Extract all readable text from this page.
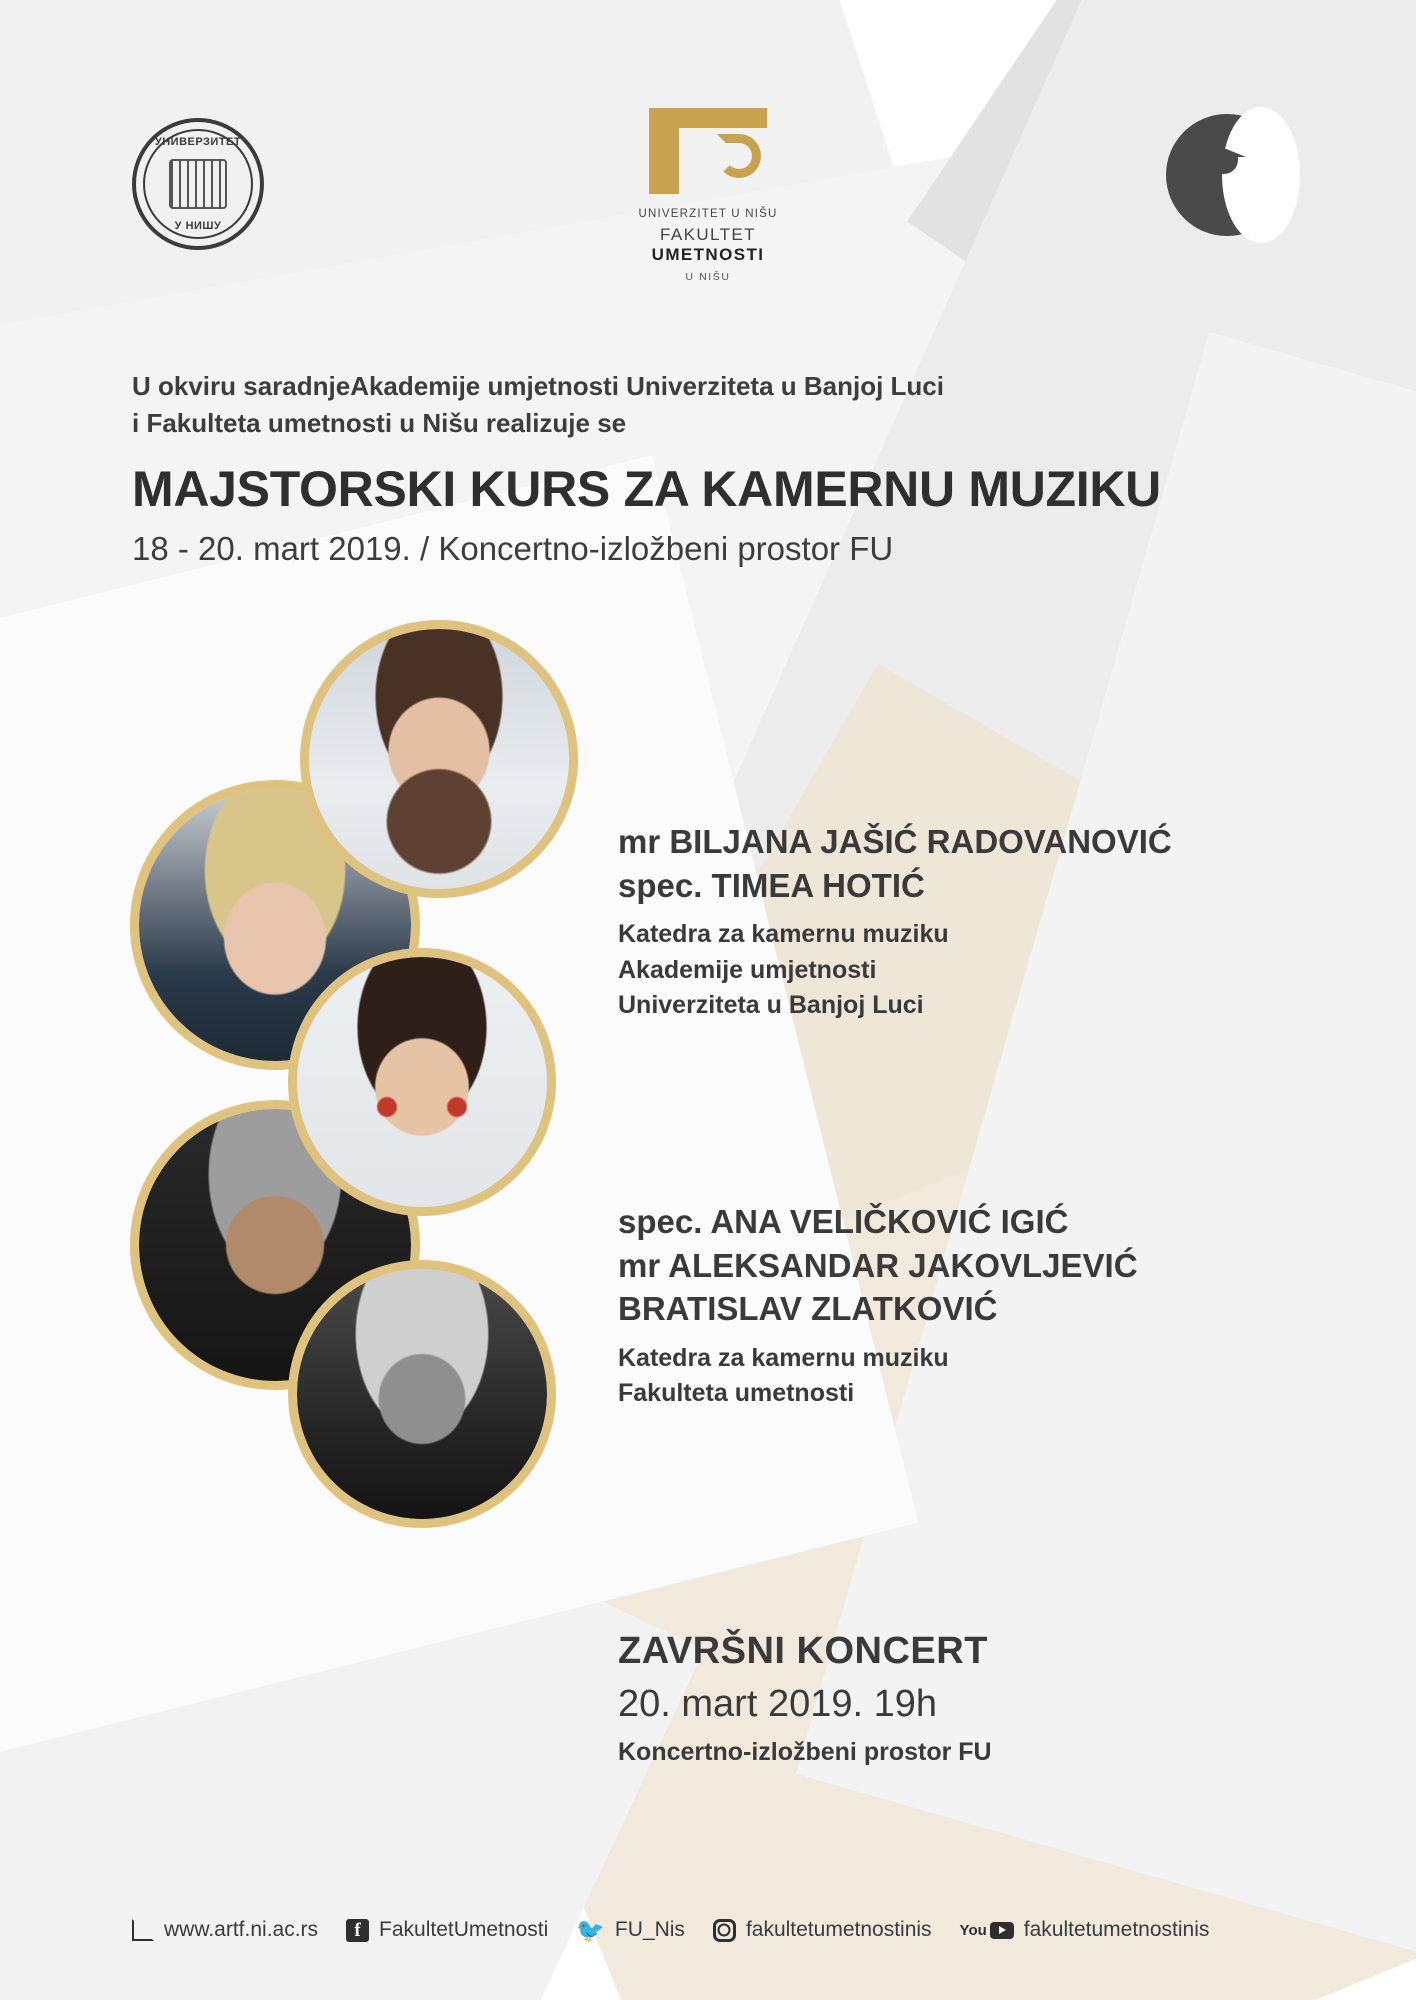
УНИВЕРЗИТЕТ
У НИШУ
UNIVERZITET U NIŠU
FAKULTET UMETNOSTI
U NIŠU
U okviru saradnjeAkademije umjetnosti Univerziteta u Banjoj Luci
i Fakulteta umetnosti u Nišu realizuje se
MAJSTORSKI KURS ZA KAMERNU MUZIKU
18 - 20. mart 2019. / Koncertno-izložbeni prostor FU
mr BILJANA JAŠIĆ RADOVANOVIĆ
spec. TIMEA HOTIĆ
Katedra za kamernu muziku
Akademije umjetnosti
Univerziteta u Banjoj Luci
spec. ANA VELIČKOVIĆ IGIĆ
mr ALEKSANDAR JAKOVLJEVIĆ
BRATISLAV ZLATKOVIĆ
Katedra za kamernu muziku
Fakulteta umetnosti
ZAVRŠNI KONCERT
20. mart 2019. 19h
Koncertno-izložbeni prostor FU
www.artf.ni.ac.rs	f FakultetUmetnosti 🐦 FU_Nis	fakultetumetnostinis You fakultetumetnostinis
